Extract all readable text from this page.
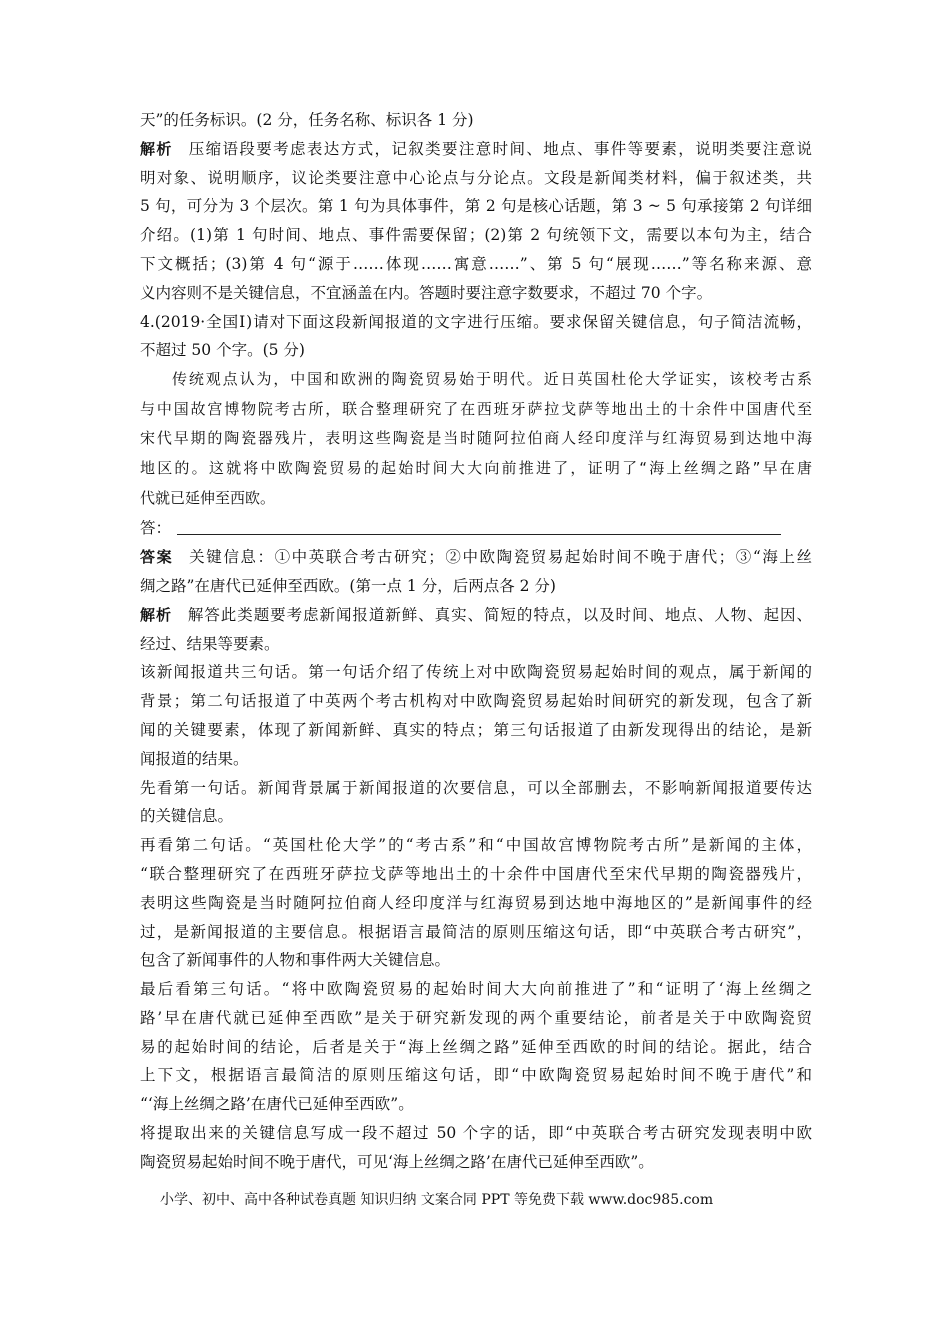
天”的任务标识。(2 分，任务名称、标识各 1 分)
解析 压缩语段要考虑表达方式，记叙类要注意时间、地点、事件等要素，说明类要注意说
明对象、说明顺序，议论类要注意中心论点与分论点。文段是新闻类材料，偏于叙述类，共
5 句，可分为 3 个层次。第 1 句为具体事件，第 2 句是核心话题，第 3 ~ 5 句承接第 2 句详细
介绍。(1)第 1 句时间、地点、事件需要保留；(2)第 2 句统领下文，需要以本句为主，结合
下文概括；(3)第 4 句“源于……体现……寓意……”、第 5 句“展现……”等名称来源、意
义内容则不是关键信息，不宜涵盖在内。答题时要注意字数要求，不超过 70 个字。
4.(2019·全国Ⅰ)请对下面这段新闻报道的文字进行压缩。要求保留关键信息，句子简洁流畅，
不超过 50 个字。(5 分)
传统观点认为，中国和欧洲的陶瓷贸易始于明代。近日英国杜伦大学证实，该校考古系
与中国故宫博物院考古所，联合整理研究了在西班牙萨拉戈萨等地出土的十余件中国唐代至
宋代早期的陶瓷器残片，表明这些陶瓷是当时随阿拉伯商人经印度洋与红海贸易到达地中海
地区的。这就将中欧陶瓷贸易的起始时间大大向前推进了，证明了“海上丝绸之路”早在唐
代就已延伸至西欧。
答：
答案 关键信息：①中英联合考古研究；②中欧陶瓷贸易起始时间不晚于唐代；③“海上丝
绸之路”在唐代已延伸至西欧。(第一点 1 分，后两点各 2 分)
解析 解答此类题要考虑新闻报道新鲜、真实、简短的特点，以及时间、地点、人物、起因、
经过、结果等要素。
该新闻报道共三句话。第一句话介绍了传统上对中欧陶瓷贸易起始时间的观点，属于新闻的
背景；第二句话报道了中英两个考古机构对中欧陶瓷贸易起始时间研究的新发现，包含了新
闻的关键要素，体现了新闻新鲜、真实的特点；第三句话报道了由新发现得出的结论，是新
闻报道的结果。
先看第一句话。新闻背景属于新闻报道的次要信息，可以全部删去，不影响新闻报道要传达
的关键信息。
再看第二句话。“英国杜伦大学”的“考古系”和“中国故宫博物院考古所”是新闻的主体，
“联合整理研究了在西班牙萨拉戈萨等地出土的十余件中国唐代至宋代早期的陶瓷器残片，
表明这些陶瓷是当时随阿拉伯商人经印度洋与红海贸易到达地中海地区的”是新闻事件的经
过，是新闻报道的主要信息。根据语言最简洁的原则压缩这句话，即“中英联合考古研究”，
包含了新闻事件的人物和事件两大关键信息。
最后看第三句话。“将中欧陶瓷贸易的起始时间大大向前推进了”和“证明了‘海上丝绸之
路’早在唐代就已延伸至西欧”是关于研究新发现的两个重要结论，前者是关于中欧陶瓷贸
易的起始时间的结论，后者是关于“海上丝绸之路”延伸至西欧的时间的结论。据此，结合
上下文，根据语言最简洁的原则压缩这句话，即“中欧陶瓷贸易起始时间不晚于唐代”和
“‘海上丝绸之路’在唐代已延伸至西欧”。
将提取出来的关键信息写成一段不超过 50 个字的话，即“中英联合考古研究发现表明中欧
陶瓷贸易起始时间不晚于唐代，可见‘海上丝绸之路’在唐代已延伸至西欧”。
小学、初中、高中各种试卷真题 知识归纳 文案合同 PPT 等免费下载 www.doc985.com
